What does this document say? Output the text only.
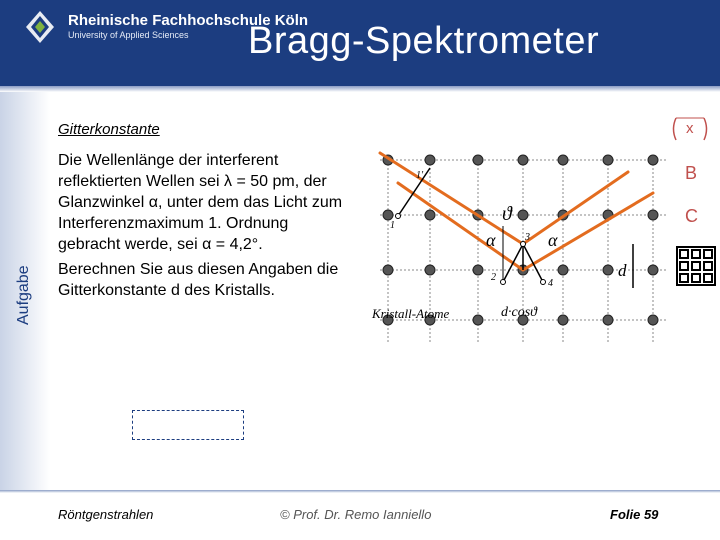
Rheinische Fachhochschule Köln
University of Applied Sciences Bragg-Spektrometer
Aufgabe
Gitterkonstante

Die Wellenlänge der interferent reflektierten Wellen sei λ = 50 pm, der Glanzwinkel α, unter dem das Licht zum Interferenzmaximum 1. Ordnung gebracht werde, sei α = 4,2°.

Berechnen Sie aus diesen Angaben die Gitterkonstante d des Kristalls.

1'
1
2
3
4
ϑ
α	α
d
Kristall-Atome	d·cosϑ
x
B
C
Röntgenstrahlen	© Prof. Dr. Remo Ianniello	Folie 59
